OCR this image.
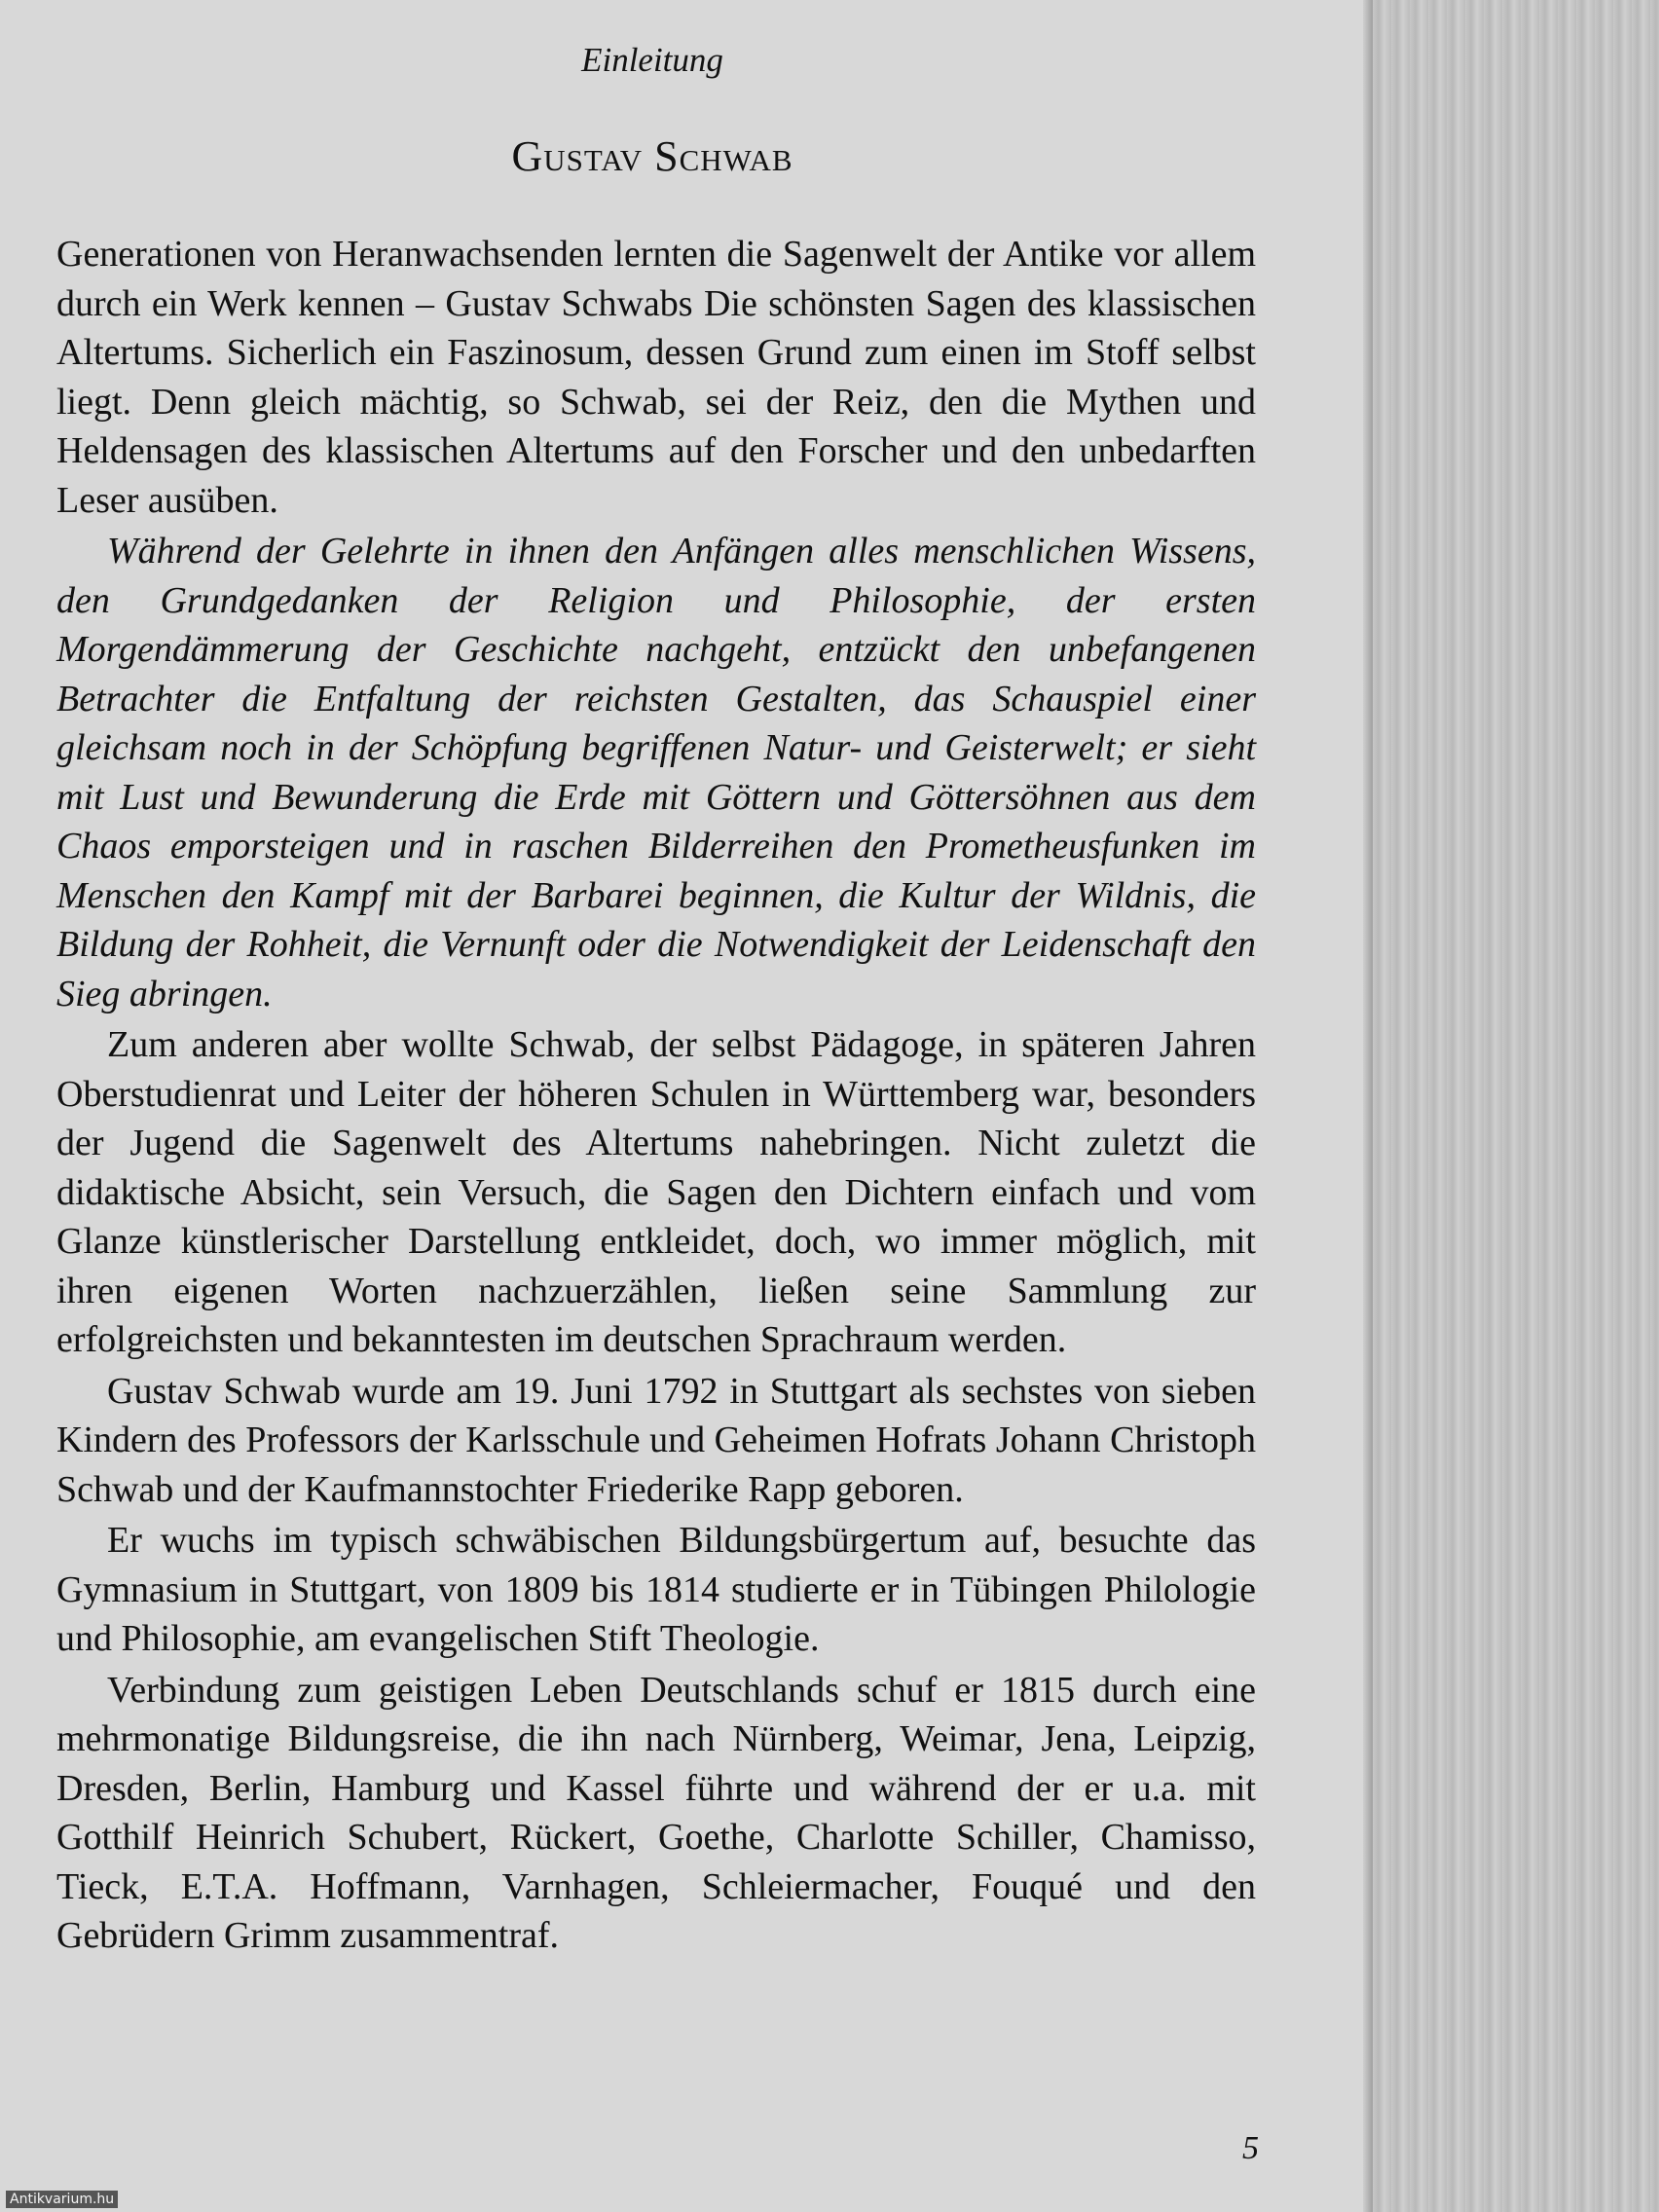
Einleitung
Gustav Schwab

Generationen von Heranwachsenden lernten die Sagenwelt der Antike vor allem durch ein Werk kennen – Gustav Schwabs Die schönsten Sagen des klassischen Altertums. Sicherlich ein Faszinosum, dessen Grund zum einen im Stoff selbst liegt. Denn gleich mächtig, so Schwab, sei der Reiz, den die Mythen und Heldensagen des klassischen Altertums auf den Forscher und den unbedarften Leser ausüben.

Während der Gelehrte in ihnen den Anfängen alles menschlichen Wissens, den Grundgedanken der Religion und Philosophie, der ersten Morgendämmerung der Geschichte nachgeht, entzückt den unbefangenen Betrachter die Entfaltung der reichsten Gestalten, das Schauspiel einer gleichsam noch in der Schöpfung begriffenen Natur- und Geisterwelt; er sieht mit Lust und Bewunderung die Erde mit Göttern und Göttersöhnen aus dem Chaos emporsteigen und in raschen Bilderreihen den Prometheusfunken im Menschen den Kampf mit der Barbarei beginnen, die Kultur der Wildnis, die Bildung der Rohheit, die Vernunft oder die Notwendigkeit der Leidenschaft den Sieg abringen.

Zum anderen aber wollte Schwab, der selbst Pädagoge, in späteren Jahren Oberstudienrat und Leiter der höheren Schulen in Württemberg war, besonders der Jugend die Sagenwelt des Altertums nahebringen. Nicht zuletzt die didaktische Absicht, sein Versuch, die Sagen den Dichtern einfach und vom Glanze künstlerischer Darstellung entkleidet, doch, wo immer möglich, mit ihren eigenen Worten nachzuerzählen, ließen seine Sammlung zur erfolgreichsten und bekanntesten im deutschen Sprachraum werden.

Gustav Schwab wurde am 19. Juni 1792 in Stuttgart als sechstes von sieben Kindern des Professors der Karlsschule und Geheimen Hofrats Johann Christoph Schwab und der Kaufmannstochter Friederike Rapp geboren.

Er wuchs im typisch schwäbischen Bildungsbürgertum auf, besuchte das Gymnasium in Stuttgart, von 1809 bis 1814 studierte er in Tübingen Philologie und Philosophie, am evangelischen Stift Theologie.

Verbindung zum geistigen Leben Deutschlands schuf er 1815 durch eine mehrmonatige Bildungsreise, die ihn nach Nürnberg, Weimar, Jena, Leipzig, Dresden, Berlin, Hamburg und Kassel führte und während der er u.a. mit Gotthilf Heinrich Schubert, Rückert, Goethe, Charlotte Schiller, Chamisso, Tieck, E.T.A. Hoffmann, Varnhagen, Schleiermacher, Fouqué und den Gebrüdern Grimm zusammentraf.

5
Antikvarium.hu
